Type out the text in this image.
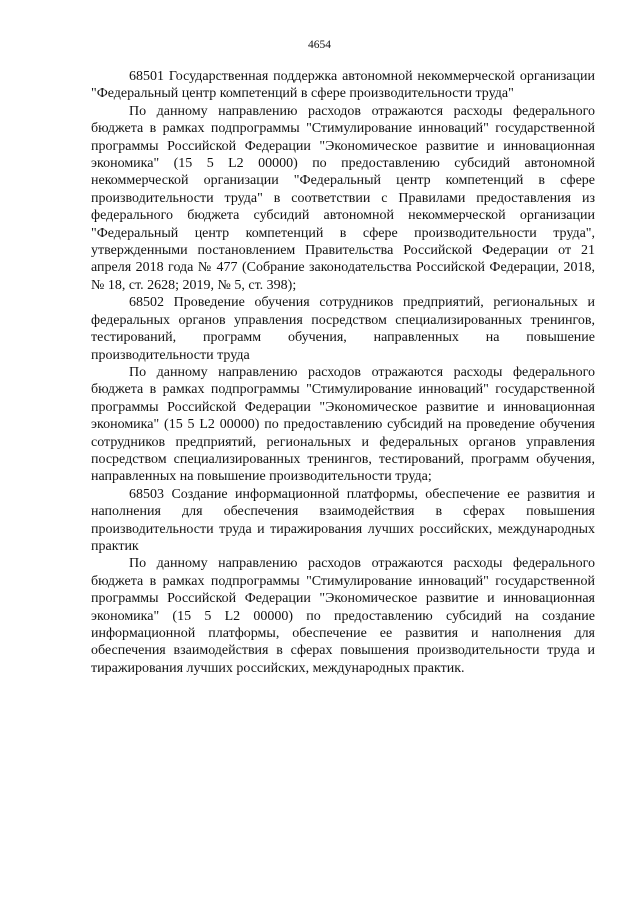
4654

68501 Государственная поддержка автономной некоммерческой организации "Федеральный центр компетенций в сфере производительности труда"

По данному направлению расходов отражаются расходы федерального бюджета в рамках подпрограммы "Стимулирование инноваций" государственной программы Российской Федерации "Экономическое развитие и инновационная экономика" (15 5 L2 00000) по предоставлению субсидий автономной некоммерческой организации "Федеральный центр компетенций в сфере производительности труда" в соответствии с Правилами предоставления из федерального бюджета субсидий автономной некоммерческой организации "Федеральный центр компетенций в сфере производительности труда", утвержденными постановлением Правительства Российской Федерации от 21 апреля 2018 года № 477 (Собрание законодательства Российской Федерации, 2018, № 18, ст. 2628; 2019, № 5, ст. 398);

68502 Проведение обучения сотрудников предприятий, региональных и федеральных органов управления посредством специализированных тренингов, тестирований, программ обучения, направленных на повышение производительности труда

По данному направлению расходов отражаются расходы федерального бюджета в рамках подпрограммы "Стимулирование инноваций" государственной программы Российской Федерации "Экономическое развитие и инновационная экономика" (15 5 L2 00000) по предоставлению субсидий на проведение обучения сотрудников предприятий, региональных и федеральных органов управления посредством специализированных тренингов, тестирований, программ обучения, направленных на повышение производительности труда;

68503 Создание информационной платформы, обеспечение ее развития и наполнения для обеспечения взаимодействия в сферах повышения производительности труда и тиражирования лучших российских, международных практик

По данному направлению расходов отражаются расходы федерального бюджета в рамках подпрограммы "Стимулирование инноваций" государственной программы Российской Федерации "Экономическое развитие и инновационная экономика" (15 5 L2 00000) по предоставлению субсидий на создание информационной платформы, обеспечение ее развития и наполнения для обеспечения взаимодействия в сферах повышения производительности труда и тиражирования лучших российских, международных практик.
